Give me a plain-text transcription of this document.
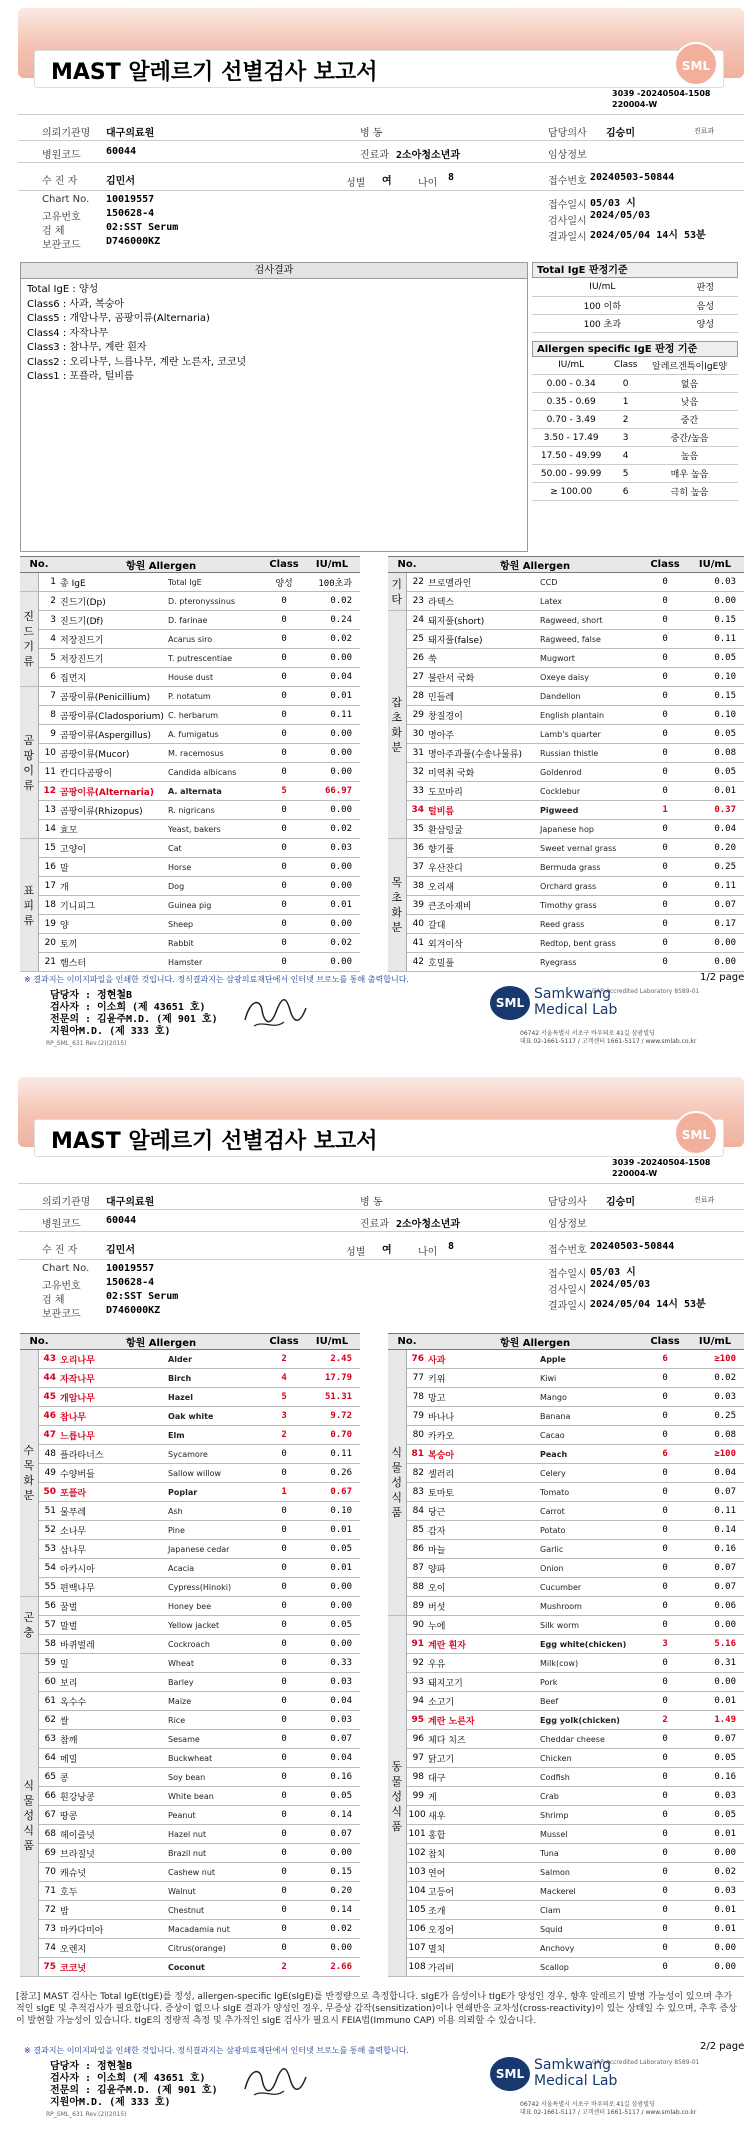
MAST 알레르기 선별검사 보고서	SML
3039 -20240504-1508
220004-W
의뢰기관명 대구의료원	병 동	담당의사 김승미	진료과
병원코드	60044	진료과 2소아청소년과	임상정보
수 진 자	김민서	성별 여	나이
8	접수번호 20240503-50844
Chart No. 10019557
고유번호	150628-4
검 체	02:SST Serum
보관코드	D746000KZ
접수일시 05/03 시
검사일시
2024/05/03
결과일시 2024/05/04 14시 53분
검사결과
Total IgE : 양성
Class6 : 사과, 복숭아
Class5 : 개암나무, 곰팡이류(Alternaria)
Class4 : 자작나무
Class3 : 참나무, 계란 흰자
Class2 : 오리나무, 느릅나무, 계란 노른자, 코코넛
Class1 : 포플라, 털비름
Total IgE 판정기준
IU/mL	판정
100 이하	음성
100 초과	양성
Allergen specific IgE 판정 기준
IU/mL	Class	알레르겐특이IgE양
0.00 - 0.34	0	없음
0.35 - 0.69	1	낮음
0.70 - 3.49	2	중간
3.50 - 17.49	3	중간/높음
17.50 - 49.99	4	높음
50.00 - 99.99	5	매우 높음
≥ 100.00	6	극히 높음
No.		항원 Allergen		Class	IU/mL
	1	총 IgE	Total IgE	양성	100초과
진
드
기
류	2	진드기(Dp)	D. pteronyssinus	0	0.02
	3	진드기(Df)	D. farinae	0	0.24
	4	저장진드기	Acarus siro	0	0.02
	5	저장진드기	T. putrescentiae	0	0.00
	6	집먼지	House dust	0	0.04
곰
팡
이
류	7	곰팡이류(Penicillium)	P. notatum	0	0.01
	8	곰팡이류(Cladosporium)	C. herbarum	0	0.11
	9	곰팡이류(Aspergillus)	A. fumigatus	0	0.00
	10	곰팡이류(Mucor)	M. racemosus	0	0.00
	11	칸디다곰팡이	Candida albicans	0	0.00
	12	곰팡이류(Alternaria)	A. alternata	5	66.97
	13	곰팡이류(Rhizopus)	R. nigricans	0	0.00
	14	효모	Yeast, bakers	0	0.02
표
피
류	15	고양이	Cat	0	0.03
	16	말	Horse	0	0.00
	17	개	Dog	0	0.00
	18	기니피그	Guinea pig	0	0.01
	19	양	Sheep	0	0.00
	20	토끼	Rabbit	0	0.02
	21	햄스터	Hamster	0	0.00
No.		항원 Allergen		Class	IU/mL
기
타	22	브로멜라인	CCD	0	0.03
	23	라텍스	Latex	0	0.00
잡
초
화
분	24	돼지풀(short)	Ragweed, short	0	0.15
	25	돼지풀(false)	Ragweed, false	0	0.11
	26	쑥	Mugwort	0	0.05
	27	불란서 국화	Oxeye daisy	0	0.10
	28	민들레	Dandelion	0	0.15
	29	창질경이	English plantain	0	0.10
	30	명아주	Lamb's quarter	0	0.05
	31	명아주과풀(수송나물류)	Russian thistle	0	0.08
	32	미역취 국화	Goldenrod	0	0.05
	33	도꼬마리	Cocklebur	0	0.01
	34	털비름	Pigweed	1	0.37
	35	환삼덩굴	Japanese hop	0	0.04
목
초
화
분	36	향기풀	Sweet vernal grass	0	0.20
	37	우산잔디	Bermuda grass	0	0.25
	38	오리새	Orchard grass	0	0.11
	39	큰조아재비	Timothy grass	0	0.07
	40	갈대	Reed grass	0	0.17
	41	외겨이삭	Redtop, bent grass	0	0.00
	42	호밀풀	Ryegrass	0	0.00
※ 결과지는 이미지파일을 인쇄한 것입니다. 정식결과지는 삼광의료재단에서 인터넷 브로노를 통해 출력합니다.
CAP Accredited Laboratory 8589-01
1/2 page
담당자 : 정현철B
검사자 : 이소희 (제 43651 호)
전문의 : 김윤주M.D. (제 901 호)
지원아M.D. (제 333 호)
SML
Samkwang
Medical Lab
06742 서울특별시 서초구 바우뫼로 41길 삼광빌딩
대표 02-1661-5117 / 고객센터 1661-5117 / www.smlab.co.kr
RP_SML_631 Rev.(2)(2015)
MAST 알레르기 선별검사 보고서	SML
3039 -20240504-1508
220004-W
의뢰기관명 대구의료원	병 동	담당의사 김승미	진료과
병원코드	60044	진료과 2소아청소년과	임상정보
수 진 자	김민서	성별 여	나이
8	접수번호 20240503-50844
Chart No. 10019557
고유번호	150628-4
검 체	02:SST Serum
보관코드	D746000KZ
접수일시 05/03 시
검사일시
2024/05/03
결과일시 2024/05/04 14시 53분
No.		항원 Allergen		Class	IU/mL
수
목
화
분	43	오리나무	Alder	2	2.45
	44	자작나무	Birch	4	17.79
	45	개암나무	Hazel	5	51.31
	46	참나무	Oak white	3	9.72
	47	느릅나무	Elm	2	0.70
	48	플라타너스	Sycamore	0	0.11
	49	수양버들	Sallow willow	0	0.26
	50	포플라	Poplar	1	0.67
	51	물푸레	Ash	0	0.10
	52	소나무	Pine	0	0.01
	53	삼나무	Japanese cedar	0	0.05
	54	아카시아	Acacia	0	0.01
	55	편백나무	Cypress(Hinoki)	0	0.00
곤
충	56	꿀벌	Honey bee	0	0.00
	57	말벌	Yellow jacket	0	0.05
	58	바퀴벌레	Cockroach	0	0.00
식
물
성
식
품	59	밀	Wheat	0	0.33
	60	보리	Barley	0	0.03
	61	옥수수	Maize	0	0.04
	62	쌀	Rice	0	0.03
	63	참깨	Sesame	0	0.07
	64	메밀	Buckwheat	0	0.04
	65	콩	Soy bean	0	0.16
	66	흰강낭콩	White bean	0	0.05
	67	땅콩	Peanut	0	0.14
	68	헤이즐넛	Hazel nut	0	0.07
	69	브라질넛	Brazil nut	0	0.00
	70	캐슈넛	Cashew nut	0	0.15
	71	호두	Walnut	0	0.20
	72	밤	Chestnut	0	0.14
	73	마카다미아	Macadamia nut	0	0.02
	74	오렌지	Citrus(orange)	0	0.00
	75	코코넛	Coconut	2	2.66
No.		항원 Allergen		Class	IU/mL
식
물
성
식
품	76	사과	Apple	6	≥100
	77	키위	Kiwi	0	0.02
	78	망고	Mango	0	0.03
	79	바나나	Banana	0	0.25
	80	카카오	Cacao	0	0.08
	81	복숭아	Peach	6	≥100
	82	셀러리	Celery	0	0.04
	83	토마토	Tomato	0	0.07
	84	당근	Carrot	0	0.11
	85	감자	Potato	0	0.14
	86	마늘	Garlic	0	0.16
	87	양파	Onion	0	0.07
	88	오이	Cucumber	0	0.07
	89	버섯	Mushroom	0	0.06
동
물
성
식
품	90	누에	Silk worm	0	0.00
	91	계란 흰자	Egg white(chicken)	3	5.16
	92	우유	Milk(cow)	0	0.31
	93	돼지고기	Pork	0	0.00
	94	소고기	Beef	0	0.01
	95	계란 노른자	Egg yolk(chicken)	2	1.49
	96	체다 치즈	Cheddar cheese	0	0.07
	97	닭고기	Chicken	0	0.05
	98	대구	Codfish	0	0.16
	99	게	Crab	0	0.03
	100	새우	Shrimp	0	0.05
	101	홍합	Mussel	0	0.01
	102	참치	Tuna	0	0.00
	103	연어	Salmon	0	0.02
	104	고등어	Mackerel	0	0.03
	105	조개	Clam	0	0.01
	106	오징어	Squid	0	0.01
	107	멸치	Anchovy	0	0.00
	108	가리비	Scallop	0	0.00
[참고] MAST 검사는 Total IgE(tIgE)를 정성, allergen-specific IgE(sIgE)를 반정량으로 측정합니다. sIgE가 음성이나 tIgE가 양성인 경우, 향후 알레르기 발병 가능성이 있으며 추가적인 sIgE 및 추적검사가 필요합니다. 증상이 없으나 sIgE 결과가 양성인 경우, 무증상 감작(sensitization)이나 연쇄반응 교차성(cross-reactivity)이 있는 상태일 수 있으며, 추후 증상이 발현할 가능성이 있습니다. tIgE의 정량적 측정 및 추가적인 sIgE 검사가 필요시 FEIA법(Immuno CAP) 이용 의뢰할 수 있습니다.
※ 결과지는 이미지파일을 인쇄한 것입니다. 정식결과지는 삼광의료재단에서 인터넷 브로노를 통해 출력합니다.
CAP Accredited Laboratory 8589-01
2/2 page
담당자 : 정현철B
검사자 : 이소희 (제 43651 호)
전문의 : 김윤주M.D. (제 901 호)
지원아M.D. (제 333 호)
SML
Samkwang
Medical Lab
06742 서울특별시 서초구 바우뫼로 41길 삼광빌딩
대표 02-1661-5117 / 고객센터 1661-5117 / www.smlab.co.kr
RP_SML_631 Rev.(2)(2015)
